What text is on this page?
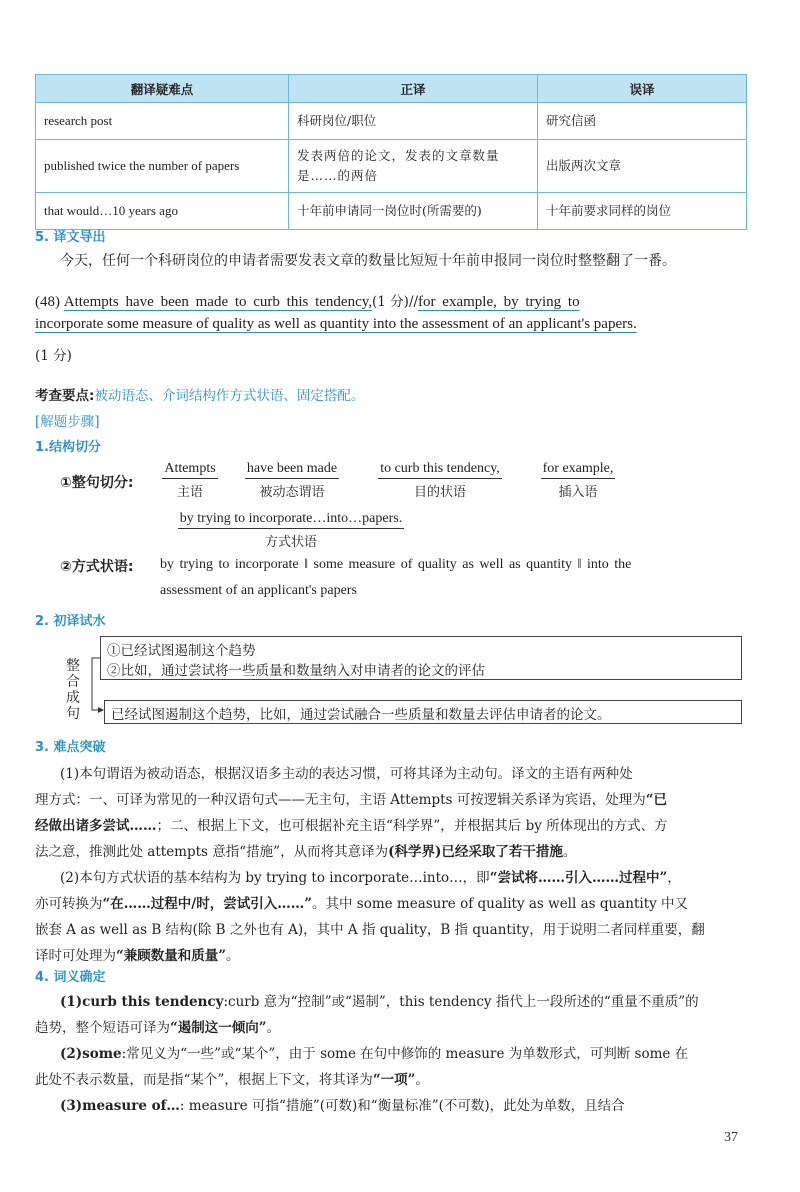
翻译疑难点	正译	误译
research post	科研岗位/职位	研究信函
published twice the number of papers	发表两倍的论文，发表的文章数量是……的两倍	出版两次文章
that would…10 years ago	十年前申请同一岗位时(所需要的)	十年前要求同样的岗位
5. 译文导出
今天，任何一个科研岗位的申请者需要发表文章的数量比短短十年前申报同一岗位时整整翻了一番。
(48) Attempts have been made to curb this tendency,(1 分)//for example, by trying to
incorporate some measure of quality as well as quantity into the assessment of an applicant's papers.
(1 分)
考查要点:被动语态、介词结构作方式状语、固定搭配。
[解题步骤]
1.结构切分
①整句切分:
Attempts
主语
have been made
被动态谓语
to curb this tendency,
目的状语
for example,
插入语
by trying to incorporate…into…papers.
方式状语
②方式状语: by trying to incorporate ‖ some measure of quality as well as quantity ‖ into the
assessment of an applicant's papers
2. 初译试水
①已经试图遏制这个趋势
②比如，通过尝试将一些质量和数量纳入对申请者的论文的评估
整
合
成
句 已经试图遏制这个趋势，比如，通过尝试融合一些质量和数量去评估申请者的论文。
3. 难点突破
(1)本句谓语为被动语态，根据汉语多主动的表达习惯，可将其译为主动句。译文的主语有两种处
理方式：一、可译为常见的一种汉语句式——无主句，主语 Attempts 可按逻辑关系译为宾语，处理为“已
经做出诸多尝试……；二、根据上下文，也可根据补充主语“科学界”，并根据其后 by 所体现出的方式、方
法之意，推测此处 attempts 意指“措施”，从而将其意译为(科学界)已经采取了若干措施。
(2)本句方式状语的基本结构为 by trying to incorporate…into…，即“尝试将……引入……过程中”，
亦可转换为“在……过程中/时，尝试引入……”。其中 some measure of quality as well as quantity 中又
嵌套 A as well as B 结构(除 B 之外也有 A)，其中 A 指 quality，B 指 quantity，用于说明二者同样重要，翻
译时可处理为“兼顾数量和质量”。
4. 词义确定
(1)curb this tendency:curb 意为“控制”或“遏制”，this tendency 指代上一段所述的“重量不重质”的
趋势，整个短语可译为“遏制这一倾向”。
(2)some:常见义为“一些”或“某个”，由于 some 在句中修饰的 measure 为单数形式，可判断 some 在
此处不表示数量，而是指“某个”，根据上下文，将其译为“一项”。
(3)measure of…: measure 可指“措施”(可数)和“衡量标准”(不可数)，此处为单数，且结合
37
